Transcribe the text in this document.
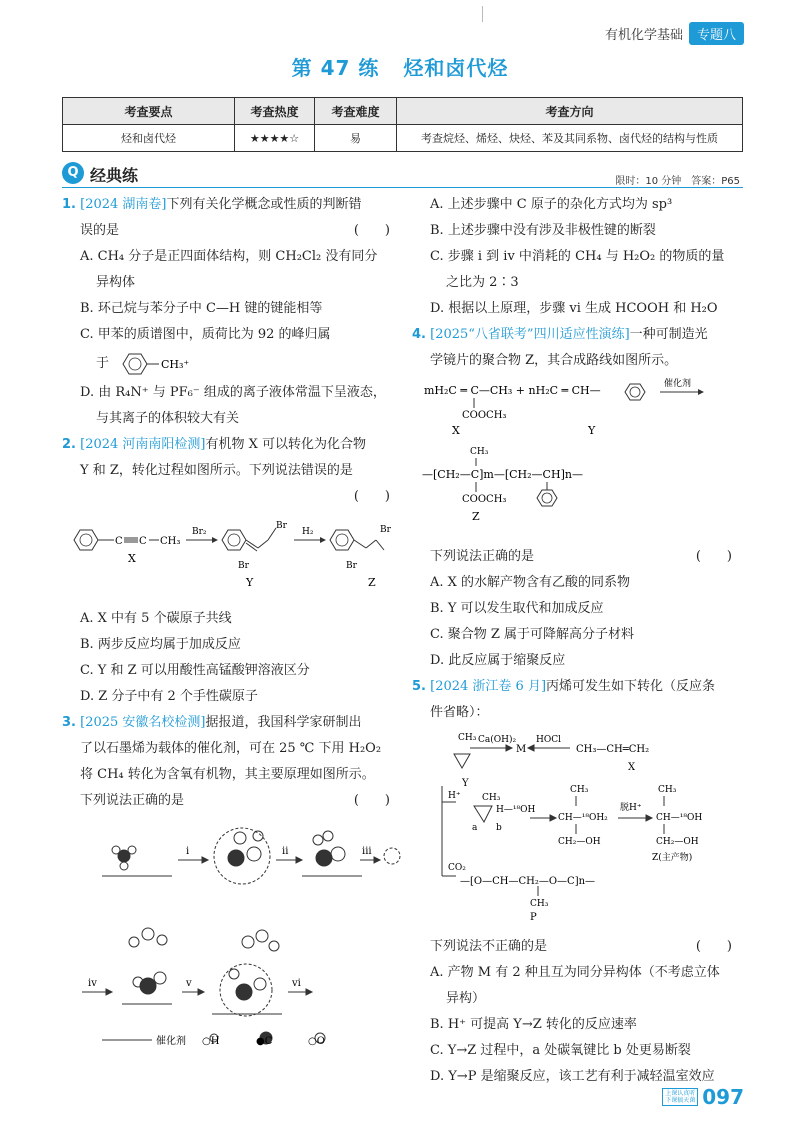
有机化学基础	专题八
第 47 练 烃和卤代烃
考查要点	考查热度	考查难度	考查方向
烃和卤代烃	★★★★☆	易	考查烷烃、烯烃、炔烃、苯及其同系物、卤代烃的结构与性质
Q 经典练	限时：10 分钟　答案：P65
1. [2024 湖南卷]下列有关化学概念或性质的判断错
误的是	(　　)
A. CH₄ 分子是正四面体结构，则 CH₂Cl₂ 没有同分
异构体
B. 环己烷与苯分子中 C—H 键的键能相等
C. 甲苯的质谱图中，质荷比为 92 的峰归属
于	CH₃⁺
D. 由 R₄N⁺ 与 PF₆⁻ 组成的离子液体常温下呈液态，
与其离子的体积较大有关
2. [2024 河南南阳检测]有机物 X 可以转化为化合物
Y 和 Z，转化过程如图所示。下列说法错误的是
(　　)
C C CH₃
X
Br₂
Br
Br
Y
H₂	Br
Br
Z
A. X 中有 5 个碳原子共线
B. 两步反应均属于加成反应
C. Y 和 Z 可以用酸性高锰酸钾溶液区分
D. Z 分子中有 2 个手性碳原子
3. [2025 安徽名校检测]据报道，我国科学家研制出
了以石墨烯为载体的催化剂，可在 25 ℃ 下用 H₂O₂
将 CH₄ 转化为含氧有机物，其主要原理如图所示。
下列说法正确的是	(　　)
i	ii	iii
iv	v	vi
催化剂 ○H	●C	○O
A. 上述步骤中 C 原子的杂化方式均为 sp³
B. 上述步骤中没有涉及非极性键的断裂
C. 步骤 i 到 iv 中消耗的 CH₄ 与 H₂O₂ 的物质的量
之比为 2∶3
D. 根据以上原理，步骤 vi 生成 HCOOH 和 H₂O
4. [2025“八省联考”四川适应性演练]一种可制造光
学镜片的聚合物 Z，其合成路线如图所示。
mH₂C ═ C—CH₃ + nH₂C ═ CH—	催化剂
COOCH₃
X	Y
CH₃
—[CH₂—C]m—[CH₂—CH]n—
COOCH₃
Z
下列说法正确的是	(　　)
A. X 的水解产物含有乙酸的同系物
B. Y 可以发生取代和加成反应
C. 聚合物 Z 属于可降解高分子材料
D. 此反应属于缩聚反应
5. [2024 浙江卷 6 月]丙烯可发生如下转化（反应条
件省略）：
CH₃
Y
Ca(OH)₂
M
HOCl
CH₃—CH═CH₂
X
H⁺ CH₃
a b
H—¹⁸OH
CH₃
CH—¹⁸OH₂
CH₂—OH
脱H⁺
CH₃
CH—¹⁸OH
CH₂—OH
Z(主产物)
CO₂
—[O—CH—CH₂—O—C]n—
CH₃
P
下列说法不正确的是	(　　)
A. 产物 M 有 2 种且互为同分异构体（不考虑立体
异构）
B. H⁺ 可提高 Y→Z 转化的反应速率
C. Y→Z 过程中，a 处碳氧键比 b 处更易断裂
D. Y→P 是缩聚反应，该工艺有利于减轻温室效应
上课认真听
下课搞天菌 097
